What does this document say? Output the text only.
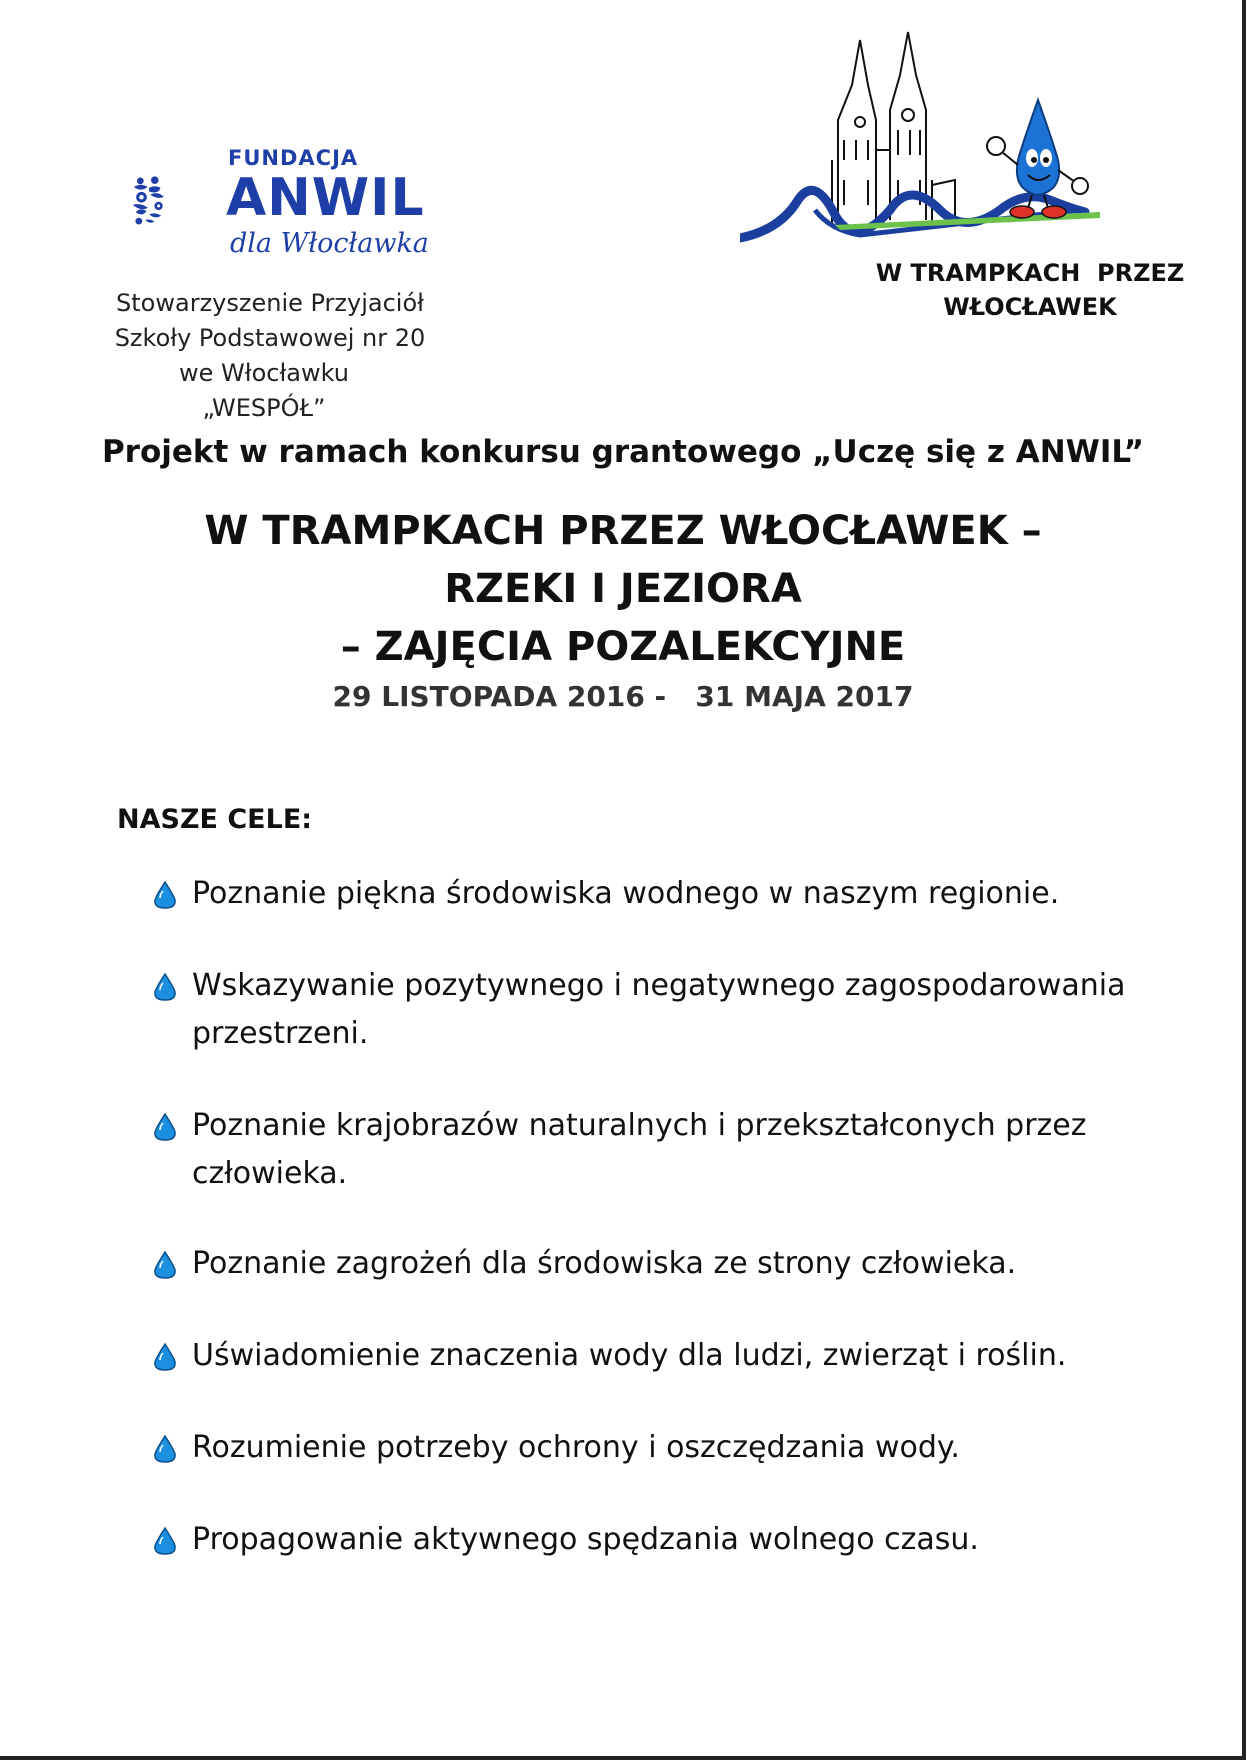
FUNDACJA
ANWIL
dla Włocławka
Stowarzyszenie Przyjaciół
Szkoły Podstawowej nr 20
we Włocławku
„WESPÓŁ”
W TRAMPKACH  PRZEZ
WŁOCŁAWEK
Projekt w ramach konkursu grantowego „Uczę się z ANWIL”
W TRAMPKACH PRZEZ WŁOCŁAWEK –
RZEKI I JEZIORA
– ZAJĘCIA POZALEKCYJNE
29 LISTOPADA 2016 -   31 MAJA 2017
NASZE CELE:
Poznanie piękna środowiska wodnego w naszym regionie.
Wskazywanie pozytywnego i negatywnego zagospodarowania
przestrzeni.
Poznanie krajobrazów naturalnych i przekształconych przez
człowieka.
Poznanie zagrożeń dla środowiska ze strony człowieka.
Uświadomienie znaczenia wody dla ludzi, zwierząt i roślin.
Rozumienie potrzeby ochrony i oszczędzania wody.
Propagowanie aktywnego spędzania wolnego czasu.
